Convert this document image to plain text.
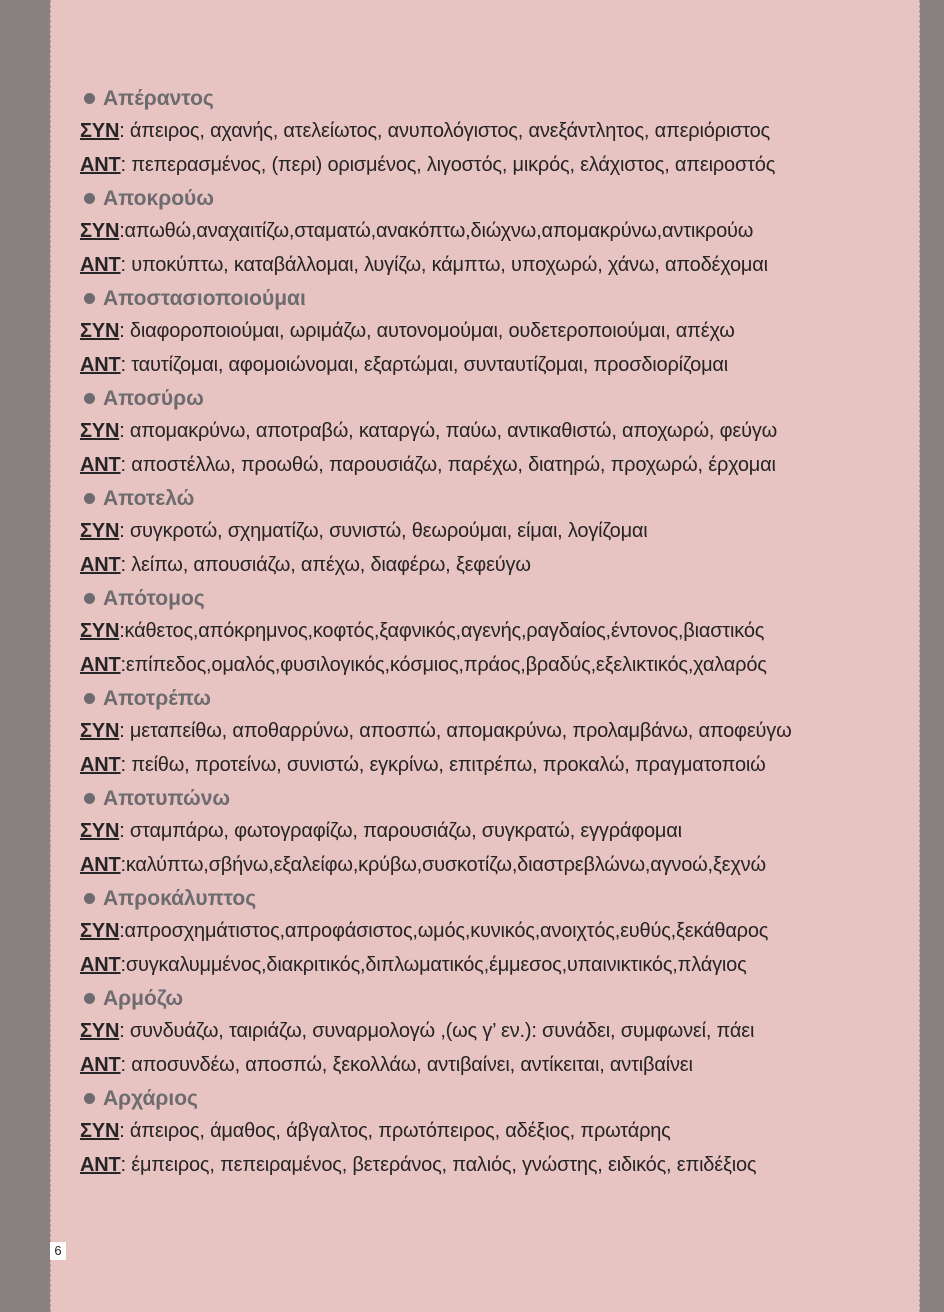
Απέραντος
ΣΥΝ: άπειρος, αχανής, ατελείωτος, ανυπολόγιστος, ανεξάντλητος, απεριόριστος
ΑΝΤ: πεπερασμένος, (περι) ορισμένος, λιγοστός, μικρός, ελάχιστος, απειροστός
Αποκρούω
ΣΥΝ:απωθώ,αναχαιτίζω,σταματώ,ανακόπτω,διώχνω,απομακρύνω,αντικρούω
ΑΝΤ: υποκύπτω, καταβάλλομαι, λυγίζω, κάμπτω, υποχωρώ, χάνω, αποδέχομαι
Αποστασιοποιούμαι
ΣΥΝ: διαφοροποιούμαι, ωριμάζω, αυτονομούμαι, ουδετεροποιούμαι, απέχω
ΑΝΤ: ταυτίζομαι, αφομοιώνομαι, εξαρτώμαι, συνταυτίζομαι, προσδιορίζομαι
Αποσύρω
ΣΥΝ: απομακρύνω, αποτραβώ, καταργώ, παύω, αντικαθιστώ, αποχωρώ, φεύγω
ΑΝΤ: αποστέλλω, προωθώ, παρουσιάζω, παρέχω, διατηρώ, προχωρώ, έρχομαι
Αποτελώ
ΣΥΝ: συγκροτώ, σχηματίζω, συνιστώ, θεωρούμαι, είμαι, λογίζομαι
ΑΝΤ: λείπω, απουσιάζω, απέχω, διαφέρω, ξεφεύγω
Απότομος
ΣΥΝ:κάθετος,απόκρημνος,κοφτός,ξαφνικός,αγενής,ραγδαίος,έντονος,βιαστικός
ΑΝΤ:επίπεδος,ομαλός,φυσιλογικός,κόσμιος,πράος,βραδύς,εξελικτικός,χαλαρός
Αποτρέπω
ΣΥΝ: μεταπείθω, αποθαρρύνω, αποσπώ, απομακρύνω, προλαμβάνω, αποφεύγω
ΑΝΤ: πείθω, προτείνω, συνιστώ, εγκρίνω, επιτρέπω, προκαλώ, πραγματοποιώ
Αποτυπώνω
ΣΥΝ: σταμπάρω, φωτογραφίζω, παρουσιάζω, συγκρατώ, εγγράφομαι
ΑΝΤ:καλύπτω,σβήνω,εξαλείφω,κρύβω,συσκοτίζω,διαστρεβλώνω,αγνοώ,ξεχνώ
Απροκάλυπτος
ΣΥΝ:απροσχημάτιστος,απροφάσιστος,ωμός,κυνικός,ανοιχτός,ευθύς,ξεκάθαρος
ΑΝΤ:συγκαλυμμένος,διακριτικός,διπλωματικός,έμμεσος,υπαινικτικός,πλάγιος
Αρμόζω
ΣΥΝ: συνδυάζω, ταιριάζω, συναρμολογώ ,(ως γ’ εν.): συνάδει, συμφωνεί, πάει
ΑΝΤ: αποσυνδέω, αποσπώ, ξεκολλάω, αντιβαίνει, αντίκειται, αντιβαίνει
Αρχάριος
ΣΥΝ: άπειρος, άμαθος, άβγαλτος, πρωτόπειρος, αδέξιος, πρωτάρης
ΑΝΤ: έμπειρος, πεπειραμένος, βετεράνος, παλιός, γνώστης, ειδικός, επιδέξιος
6
